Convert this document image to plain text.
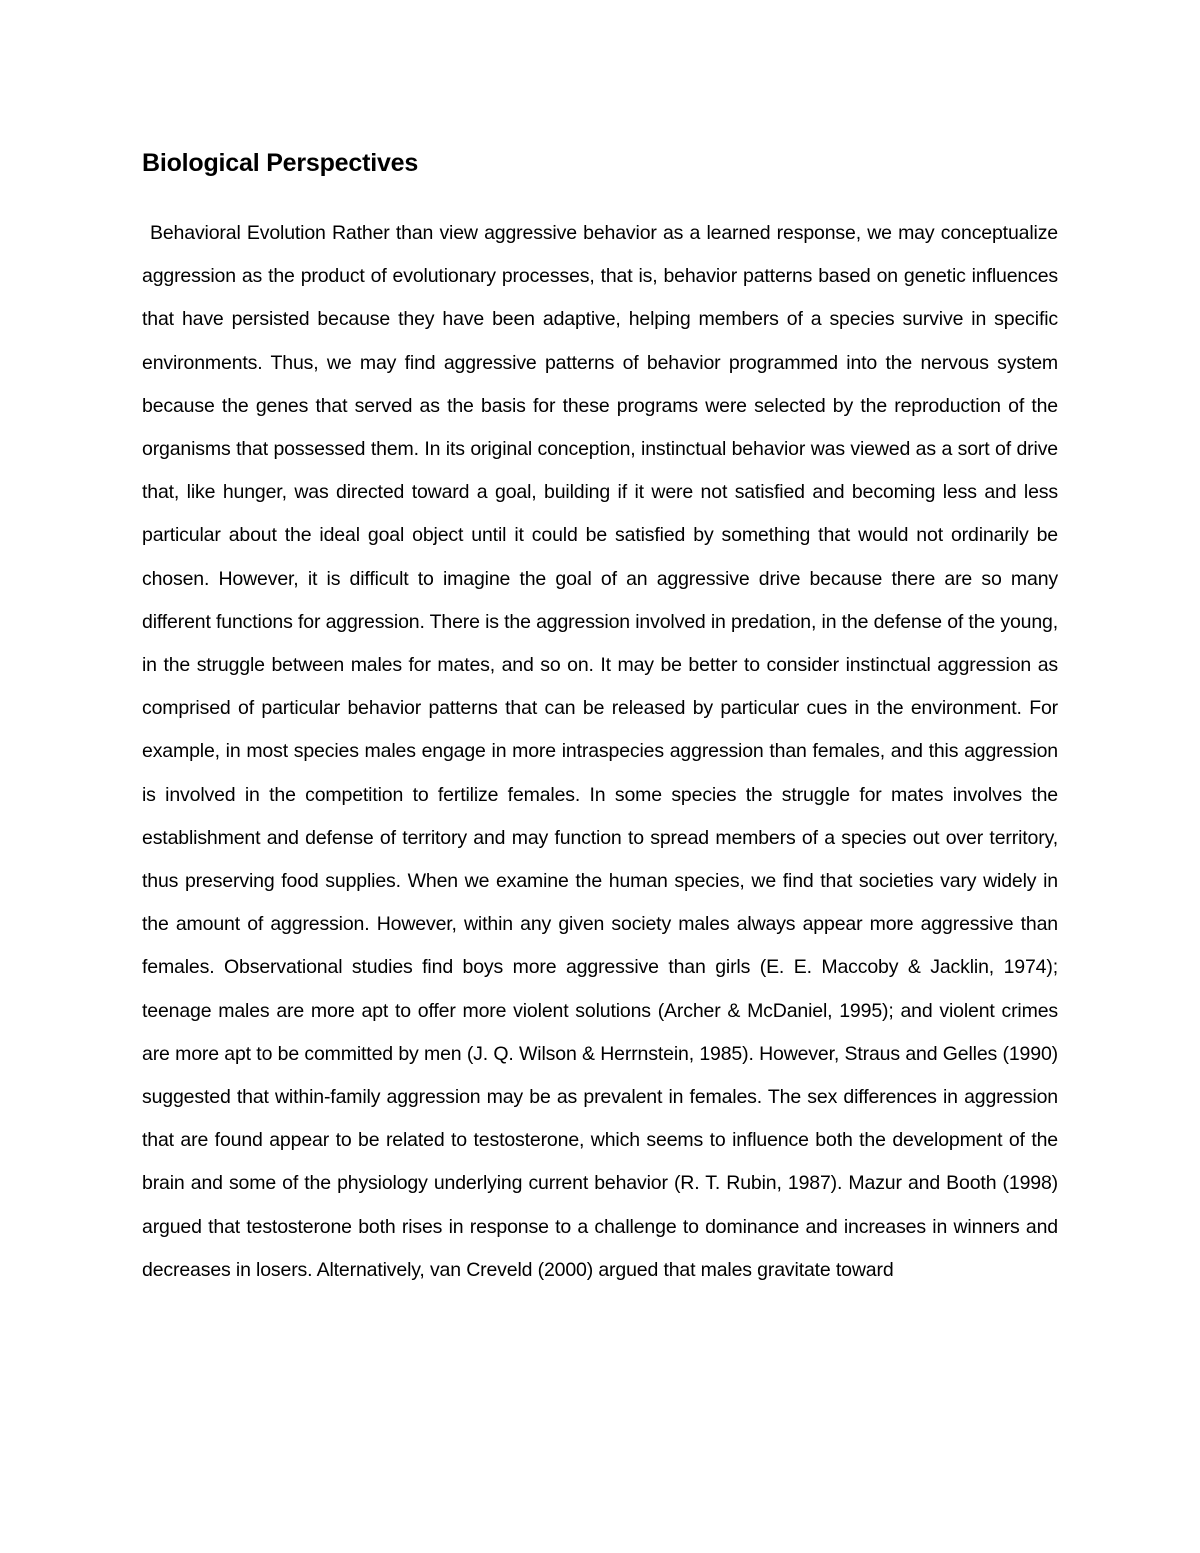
Biological Perspectives

Behavioral Evolution Rather than view aggressive behavior as a learned response, we may conceptualize aggression as the product of evolutionary processes, that is, behavior patterns based on genetic influences that have persisted because they have been adaptive, helping members of a species survive in specific environments. Thus, we may find aggressive patterns of behavior programmed into the nervous system because the genes that served as the basis for these programs were selected by the reproduction of the organisms that possessed them. In its original conception, instinctual behavior was viewed as a sort of drive that, like hunger, was directed toward a goal, building if it were not satisfied and becoming less and less particular about the ideal goal object until it could be satisfied by something that would not ordinarily be chosen. However, it is difficult to imagine the goal of an aggressive drive because there are so many different functions for aggression. There is the aggression involved in predation, in the defense of the young, in the struggle between males for mates, and so on. It may be better to consider instinctual aggression as comprised of particular behavior patterns that can be released by particular cues in the environment. For example, in most species males engage in more intraspecies aggression than females, and this aggression is involved in the competition to fertilize females. In some species the struggle for mates involves the establishment and defense of territory and may function to spread members of a species out over territory, thus preserving food supplies. When we examine the human species, we find that societies vary widely in the amount of aggression. However, within any given society males always appear more aggressive than females. Observational studies find boys more aggressive than girls (E. E. Maccoby & Jacklin, 1974); teenage males are more apt to offer more violent solutions (Archer & McDaniel, 1995); and violent crimes are more apt to be committed by men (J. Q. Wilson & Herrnstein, 1985). However, Straus and Gelles (1990) suggested that within-family aggression may be as prevalent in females. The sex differences in aggression that are found appear to be related to testosterone, which seems to influence both the development of the brain and some of the physiology underlying current behavior (R. T. Rubin, 1987). Mazur and Booth (1998) argued that testosterone both rises in response to a challenge to dominance and increases in winners and decreases in losers. Alternatively, van Creveld (2000) argued that males gravitate toward
